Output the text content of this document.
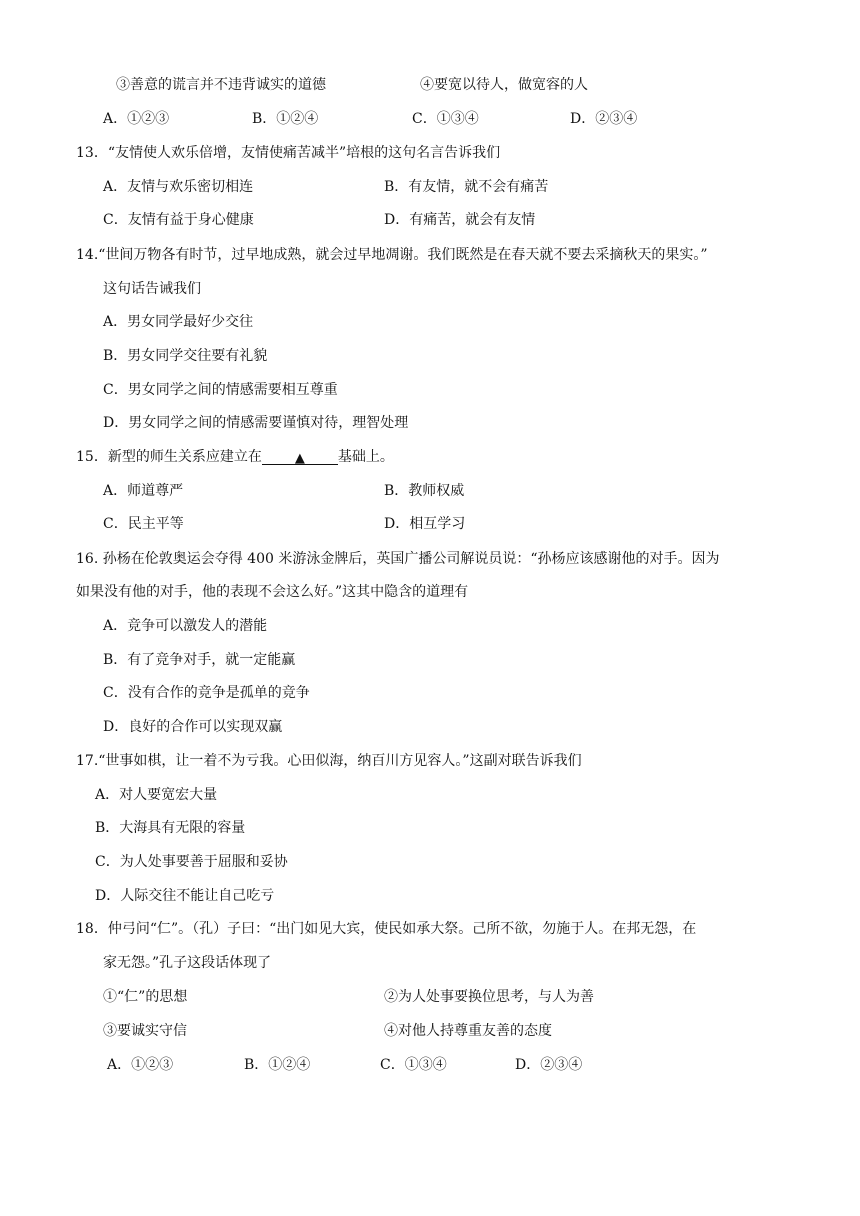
③善意的谎言并不违背诚实的道德	④要宽以待人，做宽容的人
A．①②③	B．①②④	C．①③④	D．②③④
13．“友情使人欢乐倍增，友情使痛苦减半”培根的这句名言告诉我们
A．友情与欢乐密切相连	B．有友情，就不会有痛苦
C．友情有益于身心健康	D．有痛苦，就会有友情
14.“世间万物各有时节，过早地成熟，就会过早地凋谢。我们既然是在春天就不要去采摘秋天的果实。”
这句话告诫我们
A．男女同学最好少交往
B．男女同学交往要有礼貌
C．男女同学之间的情感需要相互尊重
D．男女同学之间的情感需要谨慎对待，理智处理
15．新型的师生关系应建立在	▲ 基础上。
A．师道尊严	B．教师权威
C．民主平等	D．相互学习
16. 孙杨在伦敦奥运会夺得 400 米游泳金牌后，英国广播公司解说员说：“孙杨应该感谢他的对手。因为
如果没有他的对手，他的表现不会这么好。”这其中隐含的道理有
A．竞争可以激发人的潜能
B．有了竞争对手，就一定能赢
C．没有合作的竞争是孤单的竞争
D．良好的合作可以实现双赢
17.“世事如棋，让一着不为亏我。心田似海，纳百川方见容人。”这副对联告诉我们
A．对人要宽宏大量
B．大海具有无限的容量
C．为人处事要善于屈服和妥协
D．人际交往不能让自己吃亏
18．仲弓问“仁”。（孔）子曰：“出门如见大宾，使民如承大祭。己所不欲，勿施于人。在邦无怨，在
家无怨。”孔子这段话体现了
①“仁”的思想	②为人处事要换位思考，与人为善
③要诚实守信	④对他人持尊重友善的态度
A．①②③	B．①②④	C．①③④	D．②③④
